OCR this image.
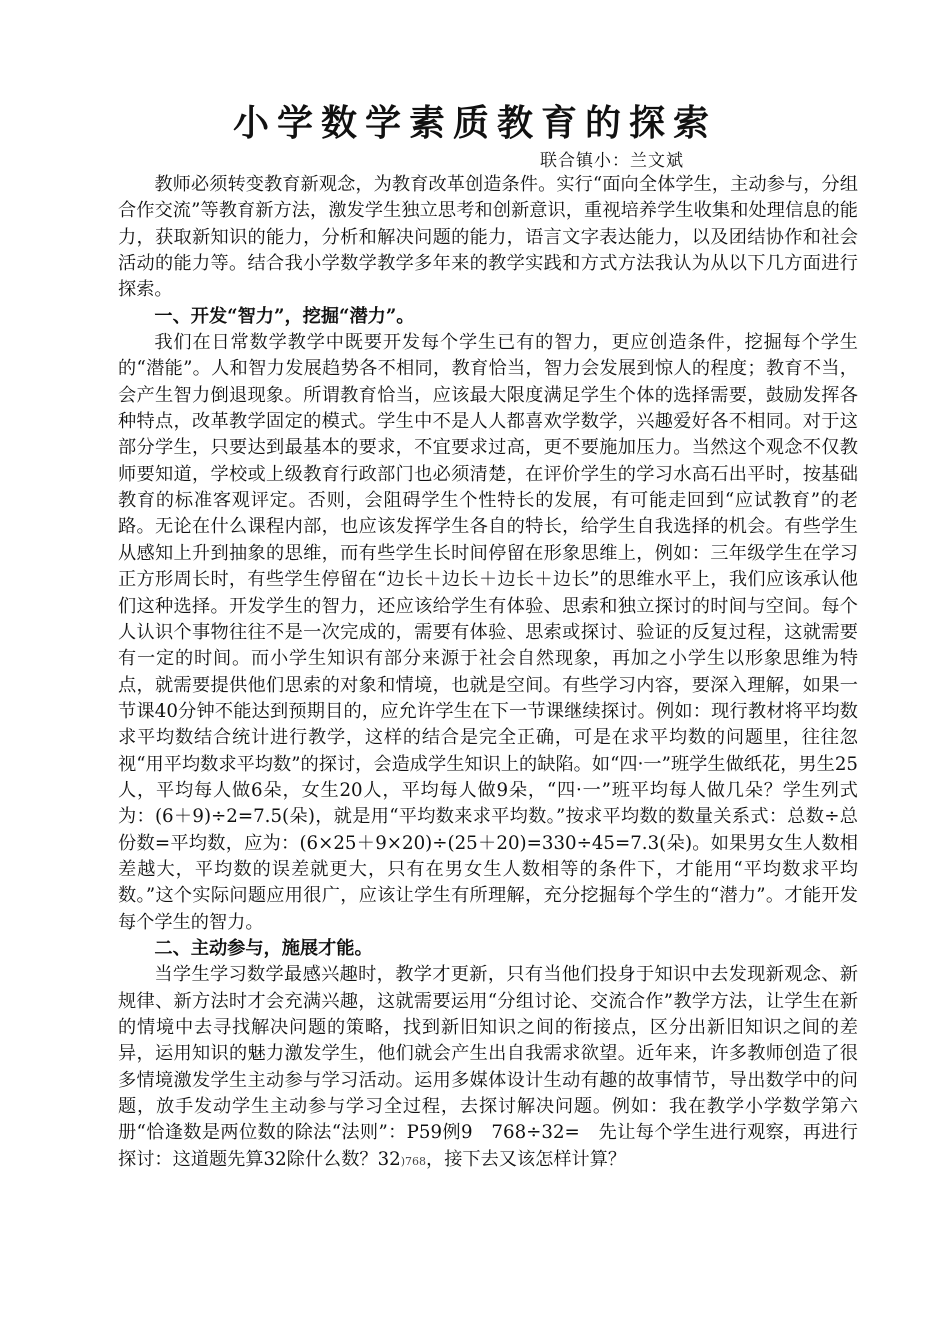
小学数学素质教育的探索
联合镇小：兰文斌

教师必须转变教育新观念，为教育改革创造条件。实行“面向全体学生，主动参与，分组合作交流”等教育新方法，激发学生独立思考和创新意识，重视培养学生收集和处理信息的能力，获取新知识的能力，分析和解决问题的能力，语言文字表达能力，以及团结协作和社会活动的能力等。结合我小学数学教学多年来的教学实践和方式方法我认为从以下几方面进行探索。

一、开发“智力”，挖掘“潜力”。

我们在日常数学教学中既要开发每个学生已有的智力，更应创造条件，挖掘每个学生的“潜能”。人和智力发展趋势各不相同，教育恰当，智力会发展到惊人的程度；教育不当，会产生智力倒退现象。所谓教育恰当，应该最大限度满足学生个体的选择需要，鼓励发挥各种特点，改革教学固定的模式。学生中不是人人都喜欢学数学，兴趣爱好各不相同。对于这部分学生，只要达到最基本的要求，不宜要求过高，更不要施加压力。当然这个观念不仅教师要知道，学校或上级教育行政部门也必须清楚，在评价学生的学习水高石出平时，按基础教育的标准客观评定。否则，会阻碍学生个性特长的发展，有可能走回到“应试教育”的老路。无论在什么课程内部，也应该发挥学生各自的特长，给学生自我选择的机会。有些学生从感知上升到抽象的思维，而有些学生长时间停留在形象思维上，例如：三年级学生在学习正方形周长时，有些学生停留在“边长＋边长＋边长＋边长”的思维水平上，我们应该承认他们这种选择。开发学生的智力，还应该给学生有体验、思索和独立探讨的时间与空间。每个人认识个事物往往不是一次完成的，需要有体验、思索或探讨、验证的反复过程，这就需要有一定的时间。而小学生知识有部分来源于社会自然现象，再加之小学生以形象思维为特点，就需要提供他们思索的对象和情境，也就是空间。有些学习内容，要深入理解，如果一节课40分钟不能达到预期目的，应允许学生在下一节课继续探讨。例如：现行教材将平均数求平均数结合统计进行教学，这样的结合是完全正确，可是在求平均数的问题里，往往忽视“用平均数求平均数”的探讨，会造成学生知识上的缺陷。如“四·一”班学生做纸花，男生25人，平均每人做6朵，女生20人，平均每人做9朵，“四·一”班平均每人做几朵？学生列式为：(6＋9)÷2=7.5(朵)，就是用“平均数来求平均数。”按求平均数的数量关系式：总数÷总份数=平均数，应为：(6×25＋9×20)÷(25＋20)=330÷45=7.3(朵)。如果男女生人数相差越大，平均数的误差就更大，只有在男女生人数相等的条件下，才能用“平均数求平均数。”这个实际问题应用很广，应该让学生有所理解，充分挖掘每个学生的“潜力”。才能开发每个学生的智力。

二、主动参与，施展才能。

当学生学习数学最感兴趣时，教学才更新，只有当他们投身于知识中去发现新观念、新规律、新方法时才会充满兴趣，这就需要运用“分组讨论、交流合作”教学方法，让学生在新的情境中去寻找解决问题的策略，找到新旧知识之间的衔接点，区分出新旧知识之间的差异，运用知识的魅力激发学生，他们就会产生出自我需求欲望。近年来，许多教师创造了很多情境激发学生主动参与学习活动。运用多媒体设计生动有趣的故事情节，导出数学中的问题，放手发动学生主动参与学习全过程，去探讨解决问题。例如：我在教学小学数学第六册“恰逢数是两位数的除法“法则”：P59例9　768÷32=　先让每个学生进行观察，再进行探讨：这道题先算32除什么数？32)768，接下去又该怎样计算？
